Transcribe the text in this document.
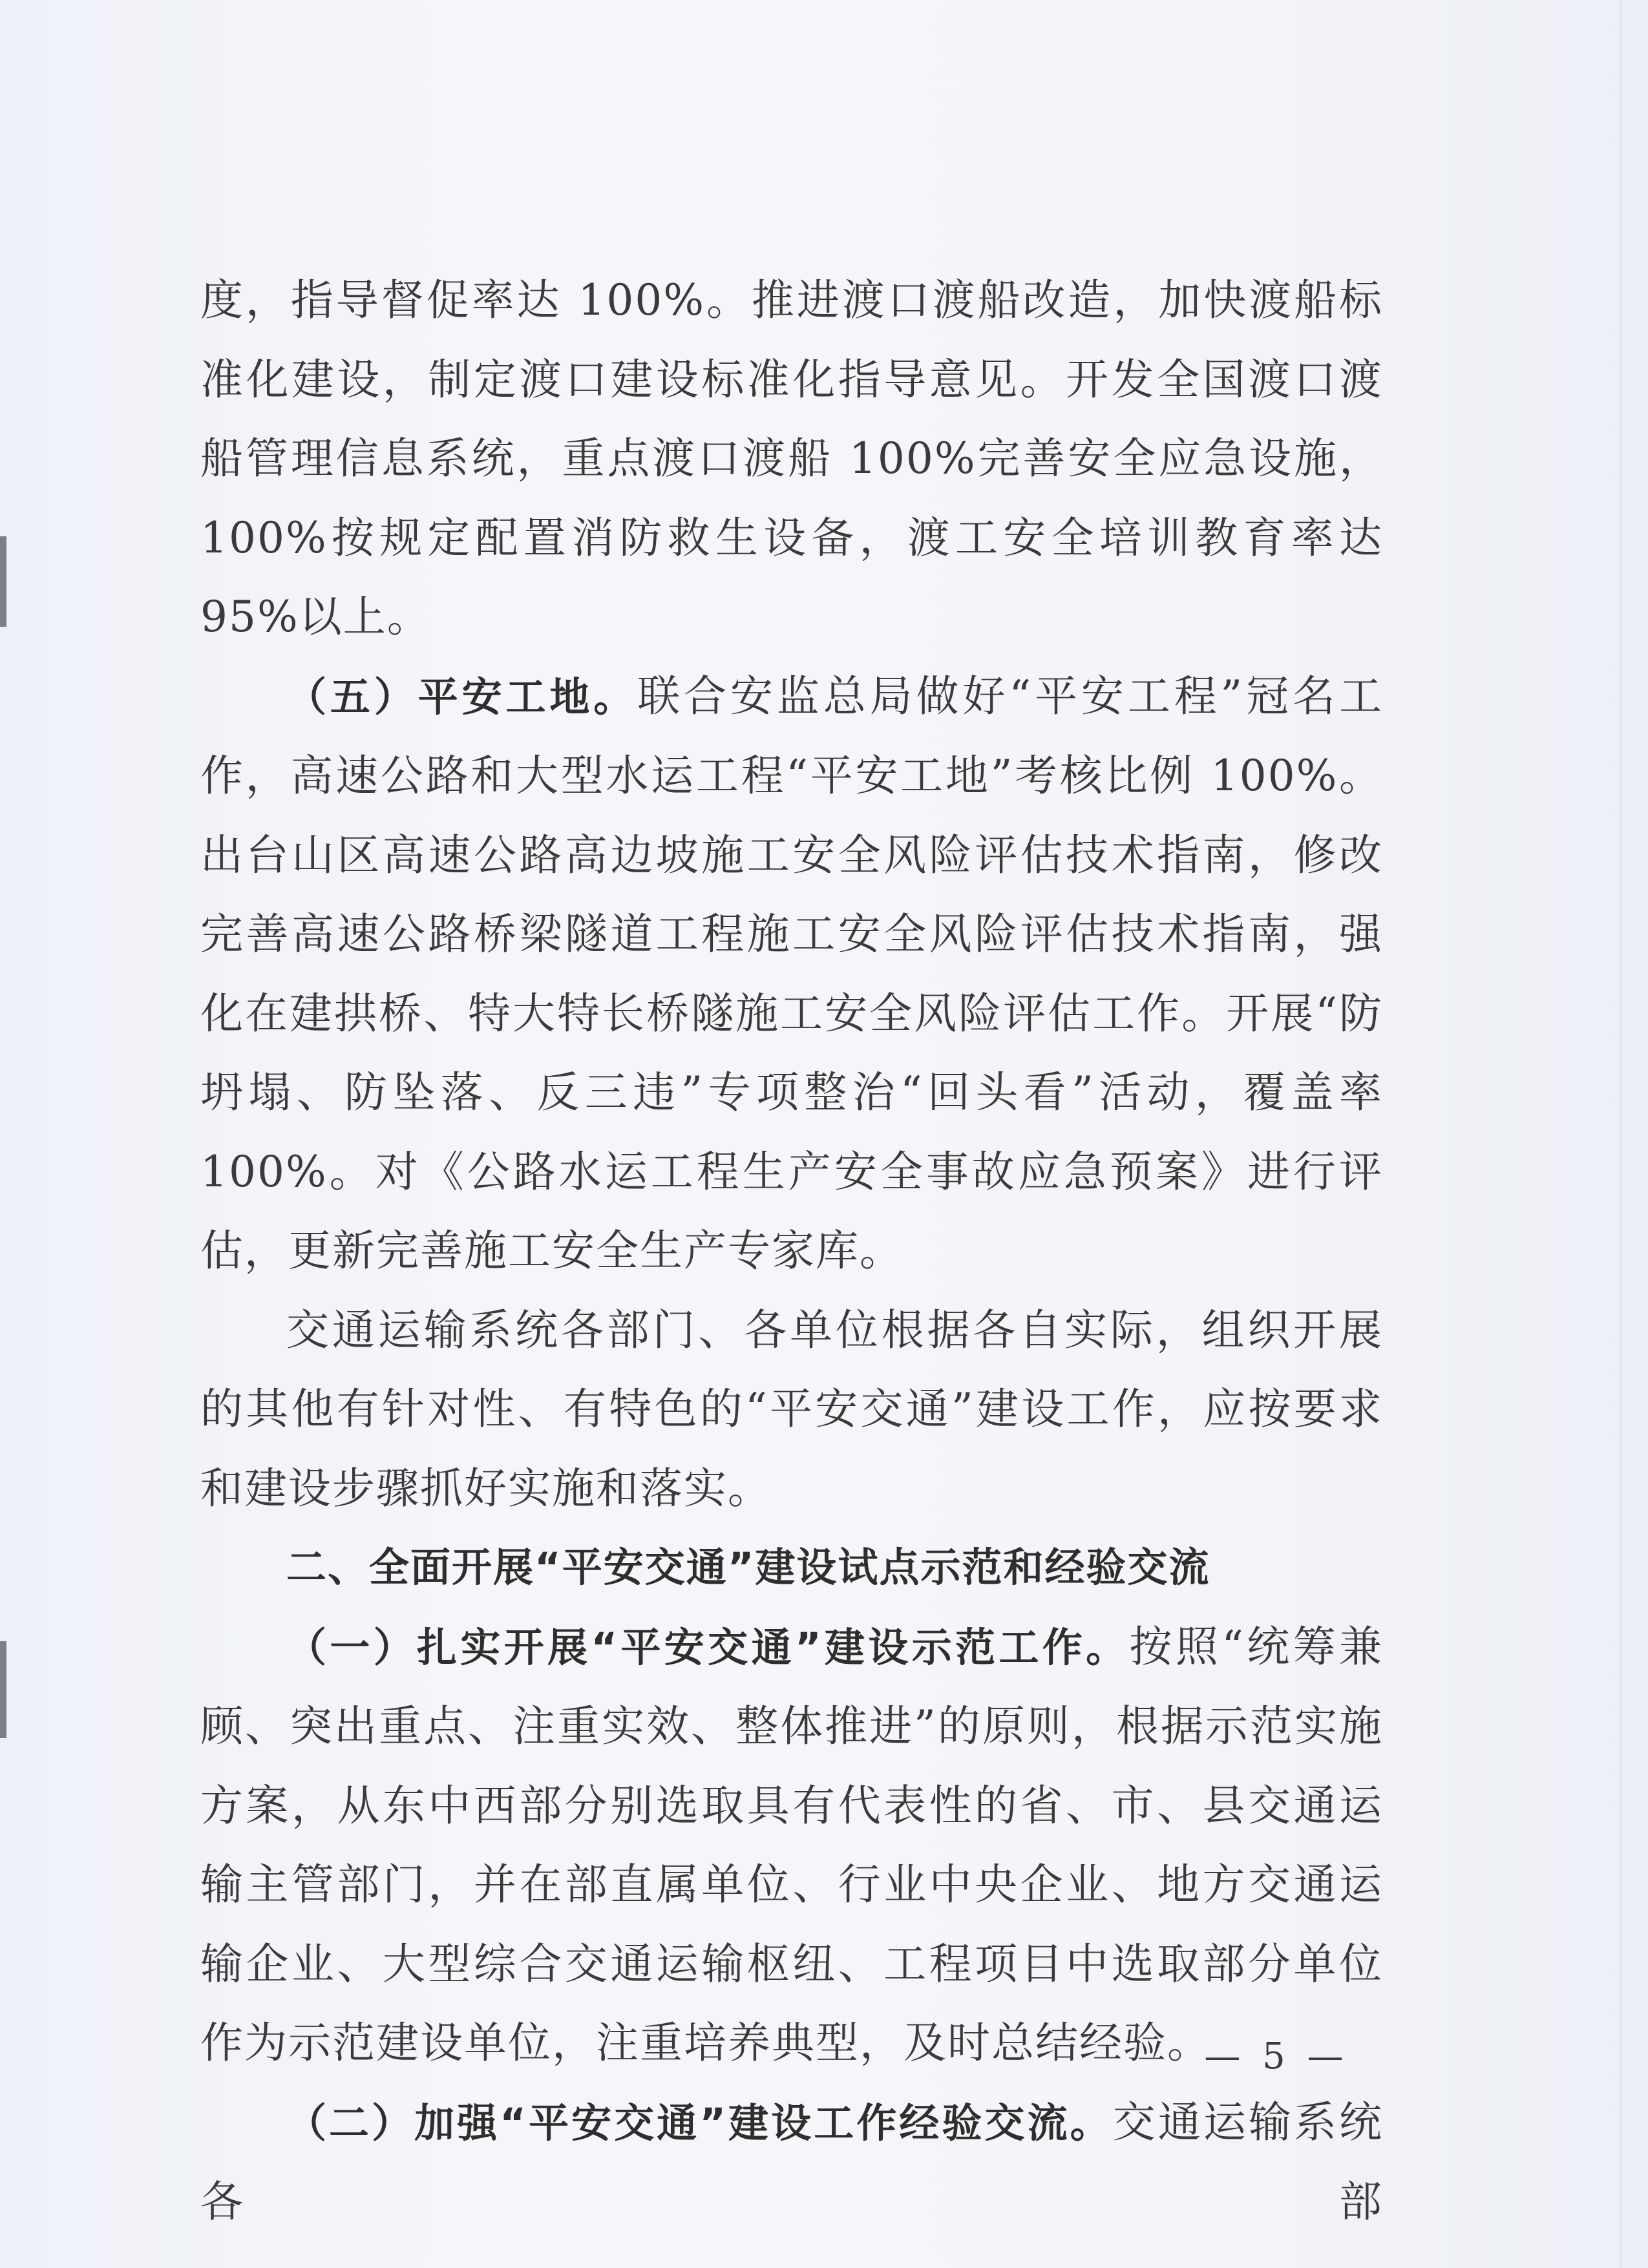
度，指导督促率达 100%。推进渡口渡船改造，加快渡船标准化建设，制定渡口建设标准化指导意见。开发全国渡口渡船管理信息系统，重点渡口渡船 100%完善安全应急设施，100%按规定配置消防救生设备，渡工安全培训教育率达 95%以上。

（五）平安工地。联合安监总局做好“平安工程”冠名工作，高速公路和大型水运工程“平安工地”考核比例 100%。出台山区高速公路高边坡施工安全风险评估技术指南，修改完善高速公路桥梁隧道工程施工安全风险评估技术指南，强化在建拱桥、特大特长桥隧施工安全风险评估工作。开展“防坍塌、防坠落、反三违”专项整治“回头看”活动，覆盖率 100%。对《公路水运工程生产安全事故应急预案》进行评估，更新完善施工安全生产专家库。

交通运输系统各部门、各单位根据各自实际，组织开展的其他有针对性、有特色的“平安交通”建设工作，应按要求和建设步骤抓好实施和落实。

二、全面开展“平安交通”建设试点示范和经验交流

（一）扎实开展“平安交通”建设示范工作。按照“统筹兼顾、突出重点、注重实效、整体推进”的原则，根据示范实施方案，从东中西部分别选取具有代表性的省、市、县交通运输主管部门，并在部直属单位、行业中央企业、地方交通运输企业、大型综合交通运输枢纽、工程项目中选取部分单位作为示范建设单位，注重培养典型，及时总结经验。

（二）加强“平安交通”建设工作经验交流。交通运输系统各部

— 5 —
